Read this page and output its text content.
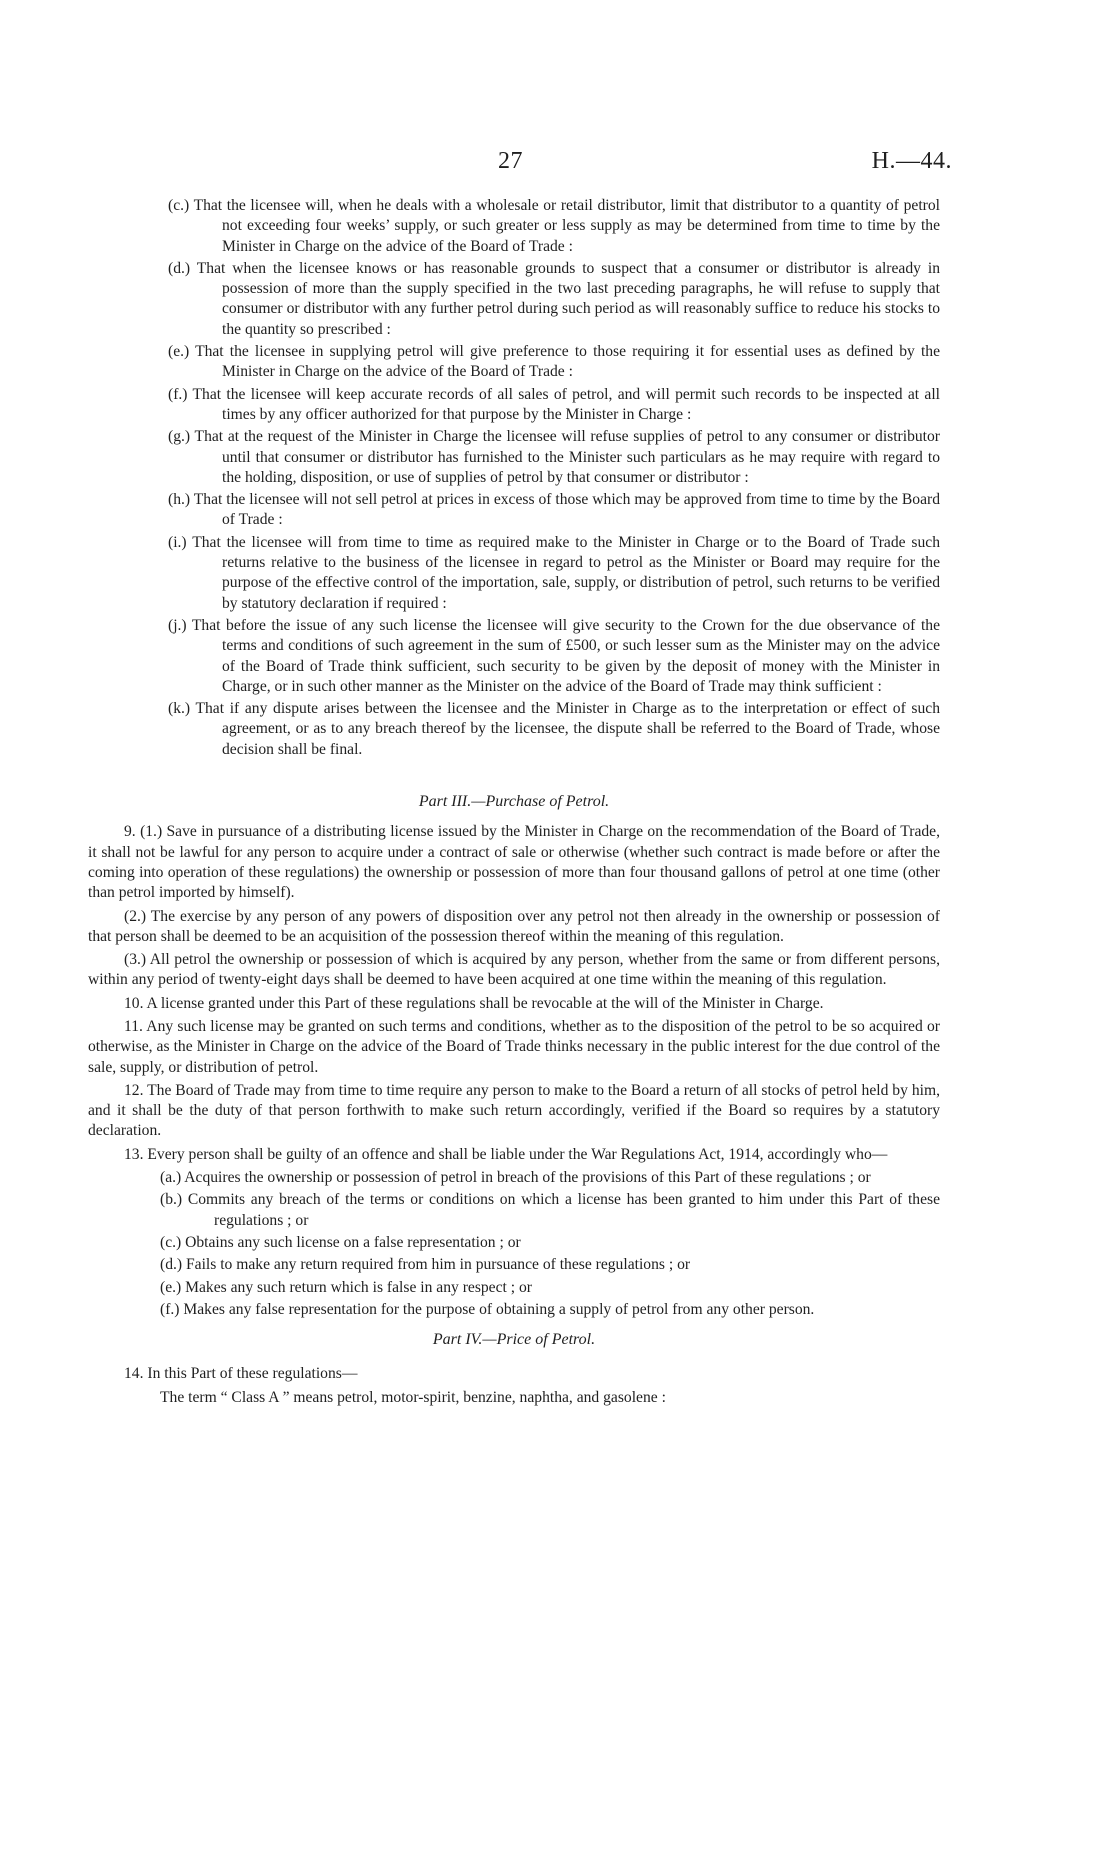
27	H.—44.
(c.) That the licensee will, when he deals with a wholesale or retail distributor, limit that distributor to a quantity of petrol not exceeding four weeks’ supply, or such greater or less supply as may be determined from time to time by the Minister in Charge on the advice of the Board of Trade :
(d.) That when the licensee knows or has reasonable grounds to suspect that a consumer or distributor is already in possession of more than the supply specified in the two last preceding paragraphs, he will refuse to supply that consumer or distributor with any further petrol during such period as will reasonably suffice to reduce his stocks to the quantity so prescribed :
(e.) That the licensee in supplying petrol will give preference to those requiring it for essential uses as defined by the Minister in Charge on the advice of the Board of Trade :
(f.) That the licensee will keep accurate records of all sales of petrol, and will permit such records to be inspected at all times by any officer authorized for that purpose by the Minister in Charge :
(g.) That at the request of the Minister in Charge the licensee will refuse supplies of petrol to any consumer or distributor until that consumer or distributor has furnished to the Minister such particulars as he may require with regard to the holding, disposition, or use of supplies of petrol by that consumer or distributor :
(h.) That the licensee will not sell petrol at prices in excess of those which may be approved from time to time by the Board of Trade :
(i.) That the licensee will from time to time as required make to the Minister in Charge or to the Board of Trade such returns relative to the business of the licensee in regard to petrol as the Minister or Board may require for the purpose of the effective control of the importation, sale, supply, or distribution of petrol, such returns to be verified by statutory declaration if required :
(j.) That before the issue of any such license the licensee will give security to the Crown for the due observance of the terms and conditions of such agreement in the sum of £500, or such lesser sum as the Minister may on the advice of the Board of Trade think sufficient, such security to be given by the deposit of money with the Minister in Charge, or in such other manner as the Minister on the advice of the Board of Trade may think sufficient :
(k.) That if any dispute arises between the licensee and the Minister in Charge as to the interpretation or effect of such agreement, or as to any breach thereof by the licensee, the dispute shall be referred to the Board of Trade, whose decision shall be final.
Part III.—Purchase of Petrol.

9. (1.) Save in pursuance of a distributing license issued by the Minister in Charge on the recommendation of the Board of Trade, it shall not be lawful for any person to acquire under a contract of sale or otherwise (whether such contract is made before or after the coming into operation of these regulations) the ownership or possession of more than four thousand gallons of petrol at one time (other than petrol imported by himself).

(2.) The exercise by any person of any powers of disposition over any petrol not then already in the ownership or possession of that person shall be deemed to be an acquisition of the possession thereof within the meaning of this regulation.

(3.) All petrol the ownership or possession of which is acquired by any person, whether from the same or from different persons, within any period of twenty-eight days shall be deemed to have been acquired at one time within the meaning of this regulation.

10. A license granted under this Part of these regulations shall be revocable at the will of the Minister in Charge.

11. Any such license may be granted on such terms and conditions, whether as to the disposition of the petrol to be so acquired or otherwise, as the Minister in Charge on the advice of the Board of Trade thinks necessary in the public interest for the due control of the sale, supply, or distribution of petrol.

12. The Board of Trade may from time to time require any person to make to the Board a return of all stocks of petrol held by him, and it shall be the duty of that person forthwith to make such return accordingly, verified if the Board so requires by a statutory declaration.

13. Every person shall be guilty of an offence and shall be liable under the War Regulations Act, 1914, accordingly who—

(a.) Acquires the ownership or possession of petrol in breach of the provisions of this Part of these regulations ; or
(b.) Commits any breach of the terms or conditions on which a license has been granted to him under this Part of these regulations ; or
(c.) Obtains any such license on a false representation ; or
(d.) Fails to make any return required from him in pursuance of these regulations ; or
(e.) Makes any such return which is false in any respect ; or
(f.) Makes any false representation for the purpose of obtaining a supply of petrol from any other person.
Part IV.—Price of Petrol.

14. In this Part of these regulations—

The term “ Class A ” means petrol, motor-spirit, benzine, naphtha, and gasolene :
